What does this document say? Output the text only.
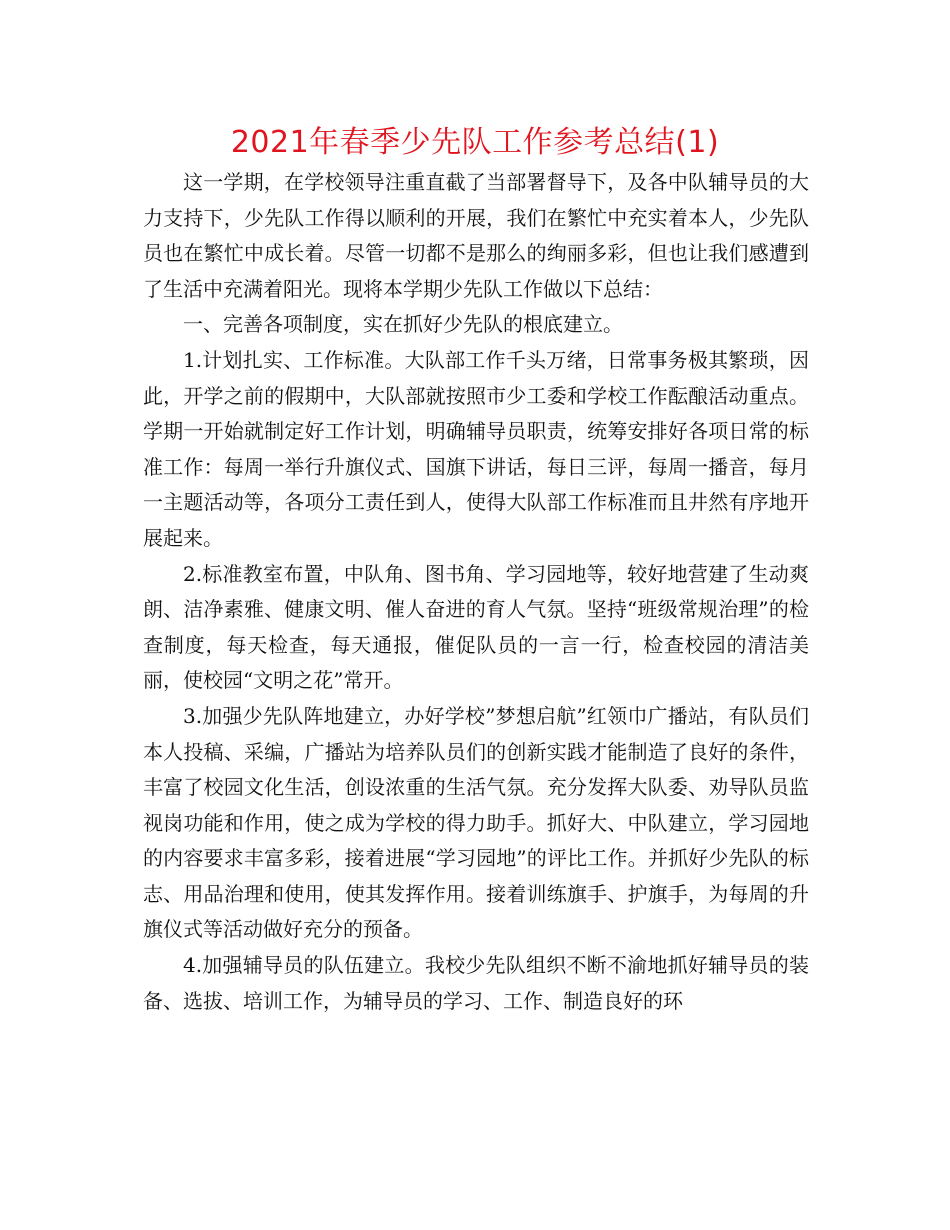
2021年春季少先队工作参考总结(1)

这一学期，在学校领导注重直截了当部署督导下，及各中队辅导员的大力支持下，少先队工作得以顺利的开展，我们在繁忙中充实着本人，少先队员也在繁忙中成长着。尽管一切都不是那么的绚丽多彩，但也让我们感遭到了生活中充满着阳光。现将本学期少先队工作做以下总结：

一、完善各项制度，实在抓好少先队的根底建立。

1.计划扎实、工作标准。大队部工作千头万绪，日常事务极其繁琐，因此，开学之前的假期中，大队部就按照市少工委和学校工作酝酿活动重点。学期一开始就制定好工作计划，明确辅导员职责，统筹安排好各项日常的标准工作：每周一举行升旗仪式、国旗下讲话，每日三评，每周一播音，每月一主题活动等，各项分工责任到人，使得大队部工作标准而且井然有序地开展起来。

2.标准教室布置，中队角、图书角、学习园地等，较好地营建了生动爽朗、洁净素雅、健康文明、催人奋进的育人气氛。坚持“班级常规治理”的检查制度，每天检查，每天通报，催促队员的一言一行，检查校园的清洁美丽，使校园“文明之花”常开。

3.加强少先队阵地建立，办好学校”梦想启航”红领巾广播站，有队员们本人投稿、采编，广播站为培养队员们的创新实践才能制造了良好的条件，丰富了校园文化生活，创设浓重的生活气氛。充分发挥大队委、劝导队员监视岗功能和作用，使之成为学校的得力助手。抓好大、中队建立，学习园地的内容要求丰富多彩，接着进展“学习园地”的评比工作。并抓好少先队的标志、用品治理和使用，使其发挥作用。接着训练旗手、护旗手，为每周的升旗仪式等活动做好充分的预备。

4.加强辅导员的队伍建立。我校少先队组织不断不渝地抓好辅导员的装备、选拔、培训工作，为辅导员的学习、工作、制造良好的环
